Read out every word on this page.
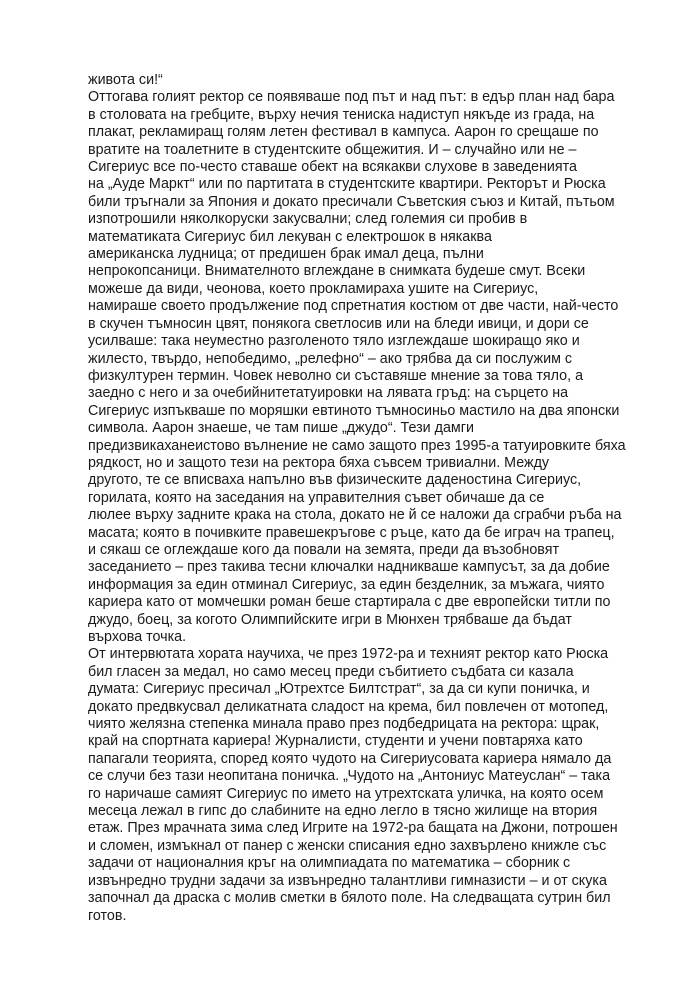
живота си!“
Оттогава голият ректор се появяваше под път и над път: в едър план над бара
в столовата на гребците, върху нечия тениска надиступ някъде из града, на
плакат, рекламиращ голям летен фестивал в кампуса. Аарон го срещаше по
вратите на тоалетните в студентските общежития. И – случайно или не –
Сигериус все по-често ставаше обект на всякакви слухове в заведенията
на „Ауде Маркт“ или по партитата в студентските квартири. Ректорът и Рюска
били тръгнали за Япония и докато пресичали Съветския съюз и Китай, пътьом
изпотрошили няколкоруски закусвални; след големия си пробив в
математиката Сигериус бил лекуван с електрошок в някаква
американска лудница; от предишен брак имал деца, пълни
непрокопсаници. Внимателното вглеждане в снимката будеше смут. Всеки
можеше да види, чеонова, което прокламираха ушите на Сигериус,
намираше своето продължение под спретнатия костюм от две части, най-често
в скучен тъмносин цвят, понякога светлосив или на бледи ивици, и дори се
усилваше: така неуместно разголеното тяло изглеждаше шокиращо яко и
жилесто, твърдо, непобедимо, „релефно“ – ако трябва да си послужим с
физкултурен термин. Човек неволно си съставяше мнение за това тяло, а
заедно с него и за очебийнитетатуировки на лявата гръд: на сърцето на
Сигериус изпъкваше по моряшки евтиното тъмносиньо мастило на два японски
символа. Аарон знаеше, че там пише „джудо“. Тези дамги
предизвикаханеистово вълнение не само защото през 1995-а татуировките бяха
рядкост, но и защото тези на ректора бяха съвсем тривиални. Между
другото, те се вписваха напълно във физическите даденостина Сигериус,
горилата, която на заседания на управителния съвет обичаше да се
люлее върху задните крака на стола, докато не й се наложи да сграбчи ръба на
масата; която в почивките правешекръгове с ръце, като да бе играч на трапец,
и сякаш се оглеждаше кого да повали на земята, преди да възобновят
заседанието – през такива тесни ключалки надникваше кампусът, за да добие
информация за един отминал Сигериус, за един безделник, за мъжага, чиято
кариера като от момчешки роман беше стартирала с две европейски титли по
джудо, боец, за когото Олимпийските игри в Мюнхен трябваше да бъдат
върхова точка.
От интервютата хората научиха, че през 1972-ра и техният ректор като Рюска
бил гласен за медал, но само месец преди събитието съдбата си казала
думата: Сигериус пресичал „Ютрехтсе Билтстрат“, за да си купи поничка, и
докато предвкусвал деликатната сладост на крема, бил повлечен от мотопед,
чиято желязна степенка минала право през подбедрицата на ректора: щрак,
край на спортната кариера! Журналисти, студенти и учени повтаряха като
папагали теорията, според която чудото на Сигериусовата кариера нямало да
се случи без тази неопитана поничка. „Чудото на „Антониус Матеуслан“ – така
го наричаше самият Сигериус по името на утрехтската уличка, на която осем
месеца лежал в гипс до слабините на едно легло в тясно жилище на втория
етаж. През мрачната зима след Игрите на 1972-ра бащата на Джони, потрошен
и сломен, измъкнал от панер с женски списания едно захвърлено книжле със
задачи от националния кръг на олимпиадата по математика – сборник с
извънредно трудни задачи за извънредно талантливи гимназисти – и от скука
започнал да драска с молив сметки в бялото поле. На следващата сутрин бил
готов.
